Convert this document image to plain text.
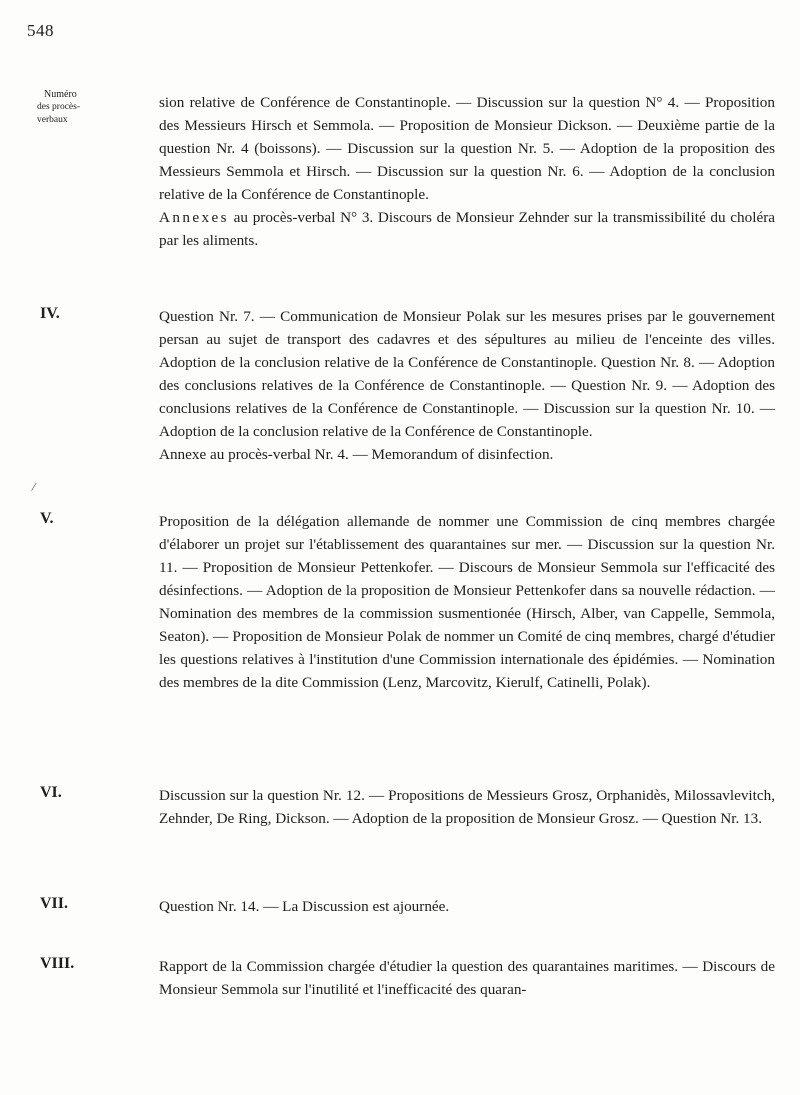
548
Numéro
des procès-verbaux
/

sion relative de Conférence de Constantinople. — Discussion sur la question N° 4. — Proposition des Messieurs Hirsch et Semmola. — Proposition de Monsieur Dickson. — Deuxième partie de la question Nr. 4 (boissons). — Discussion sur la question Nr. 5. — Adoption de la proposition des Messieurs Semmola et Hirsch. — Discussion sur la question Nr. 6. — Adoption de la conclusion relative de la Conférence de Constantinople.

Annexes au procès-verbal N° 3. Discours de Monsieur Zehnder sur la transmissibilité du choléra par les aliments.

IV.	Question Nr. 7. — Communication de Monsieur Polak sur les mesures prises par le gouvernement persan au sujet de transport des cadavres et des sépultures au milieu de l'enceinte des villes. Adoption de la conclusion relative de la Conférence de Constantinople. Question Nr. 8. — Adoption des conclusions relatives de la Conférence de Constantinople. — Question Nr. 9. — Adoption des conclusions relatives de la Conférence de Constantinople. — Discussion sur la question Nr. 10. — Adoption de la conclusion relative de la Conférence de Constantinople.

Annexe au procès-verbal Nr. 4. — Memorandum of disinfection.

V.	Proposition de la délégation allemande de nommer une Commission de cinq membres chargée d'élaborer un projet sur l'établissement des quarantaines sur mer. — Discussion sur la question Nr. 11. — Proposition de Monsieur Pettenkofer. — Discours de Monsieur Semmola sur l'efficacité des désinfections. — Adoption de la proposition de Monsieur Pettenkofer dans sa nouvelle rédaction. — Nomination des membres de la commission susmentionée (Hirsch, Alber, van Cappelle, Semmola, Seaton). — Proposition de Monsieur Polak de nommer un Comité de cinq membres, chargé d'étudier les questions relatives à l'institution d'une Commission internationale des épidémies. — Nomination des membres de la dite Commission (Lenz, Marcovitz, Kierulf, Catinelli, Polak).

VI.	Discussion sur la question Nr. 12. — Propositions de Messieurs Grosz, Orphanidès, Milossavlevitch, Zehnder, De Ring, Dickson. — Adoption de la proposition de Monsieur Grosz. — Question Nr. 13.

VII.	Question Nr. 14. — La Discussion est ajournée.

VIII.	Rapport de la Commission chargée d'étudier la question des quarantaines maritimes. — Discours de Monsieur Semmola sur l'inutilité et l'inefficacité des quaran-
